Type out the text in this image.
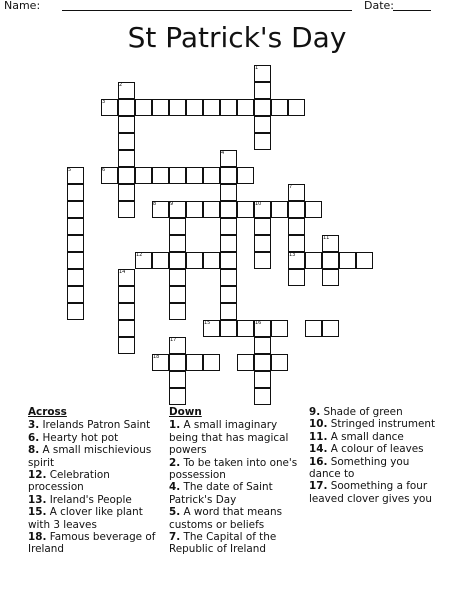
Name:	Date:
St Patrick's Day
1
2
3
4
5	6
7
8	9	10
11
12	13
14
15	16
17
18
Across

3. Irelands Patron Saint

6. Hearty hot pot

8. A small mischievious spirit

12. Celebration procession

13. Ireland's People

15. A clover like plant with 3 leaves

18. Famous beverage of Ireland

Down

1. A small imaginary being that has magical powers

2. To be taken into one's possession

4. The date of Saint Patrick's Day

5. A word that means customs or beliefs

7. The Capital of the Republic of Ireland

9. Shade of green

10. Stringed instrument

11. A small dance

14. A colour of leaves

16. Something you dance to

17. Soomething a four leaved clover gives you
